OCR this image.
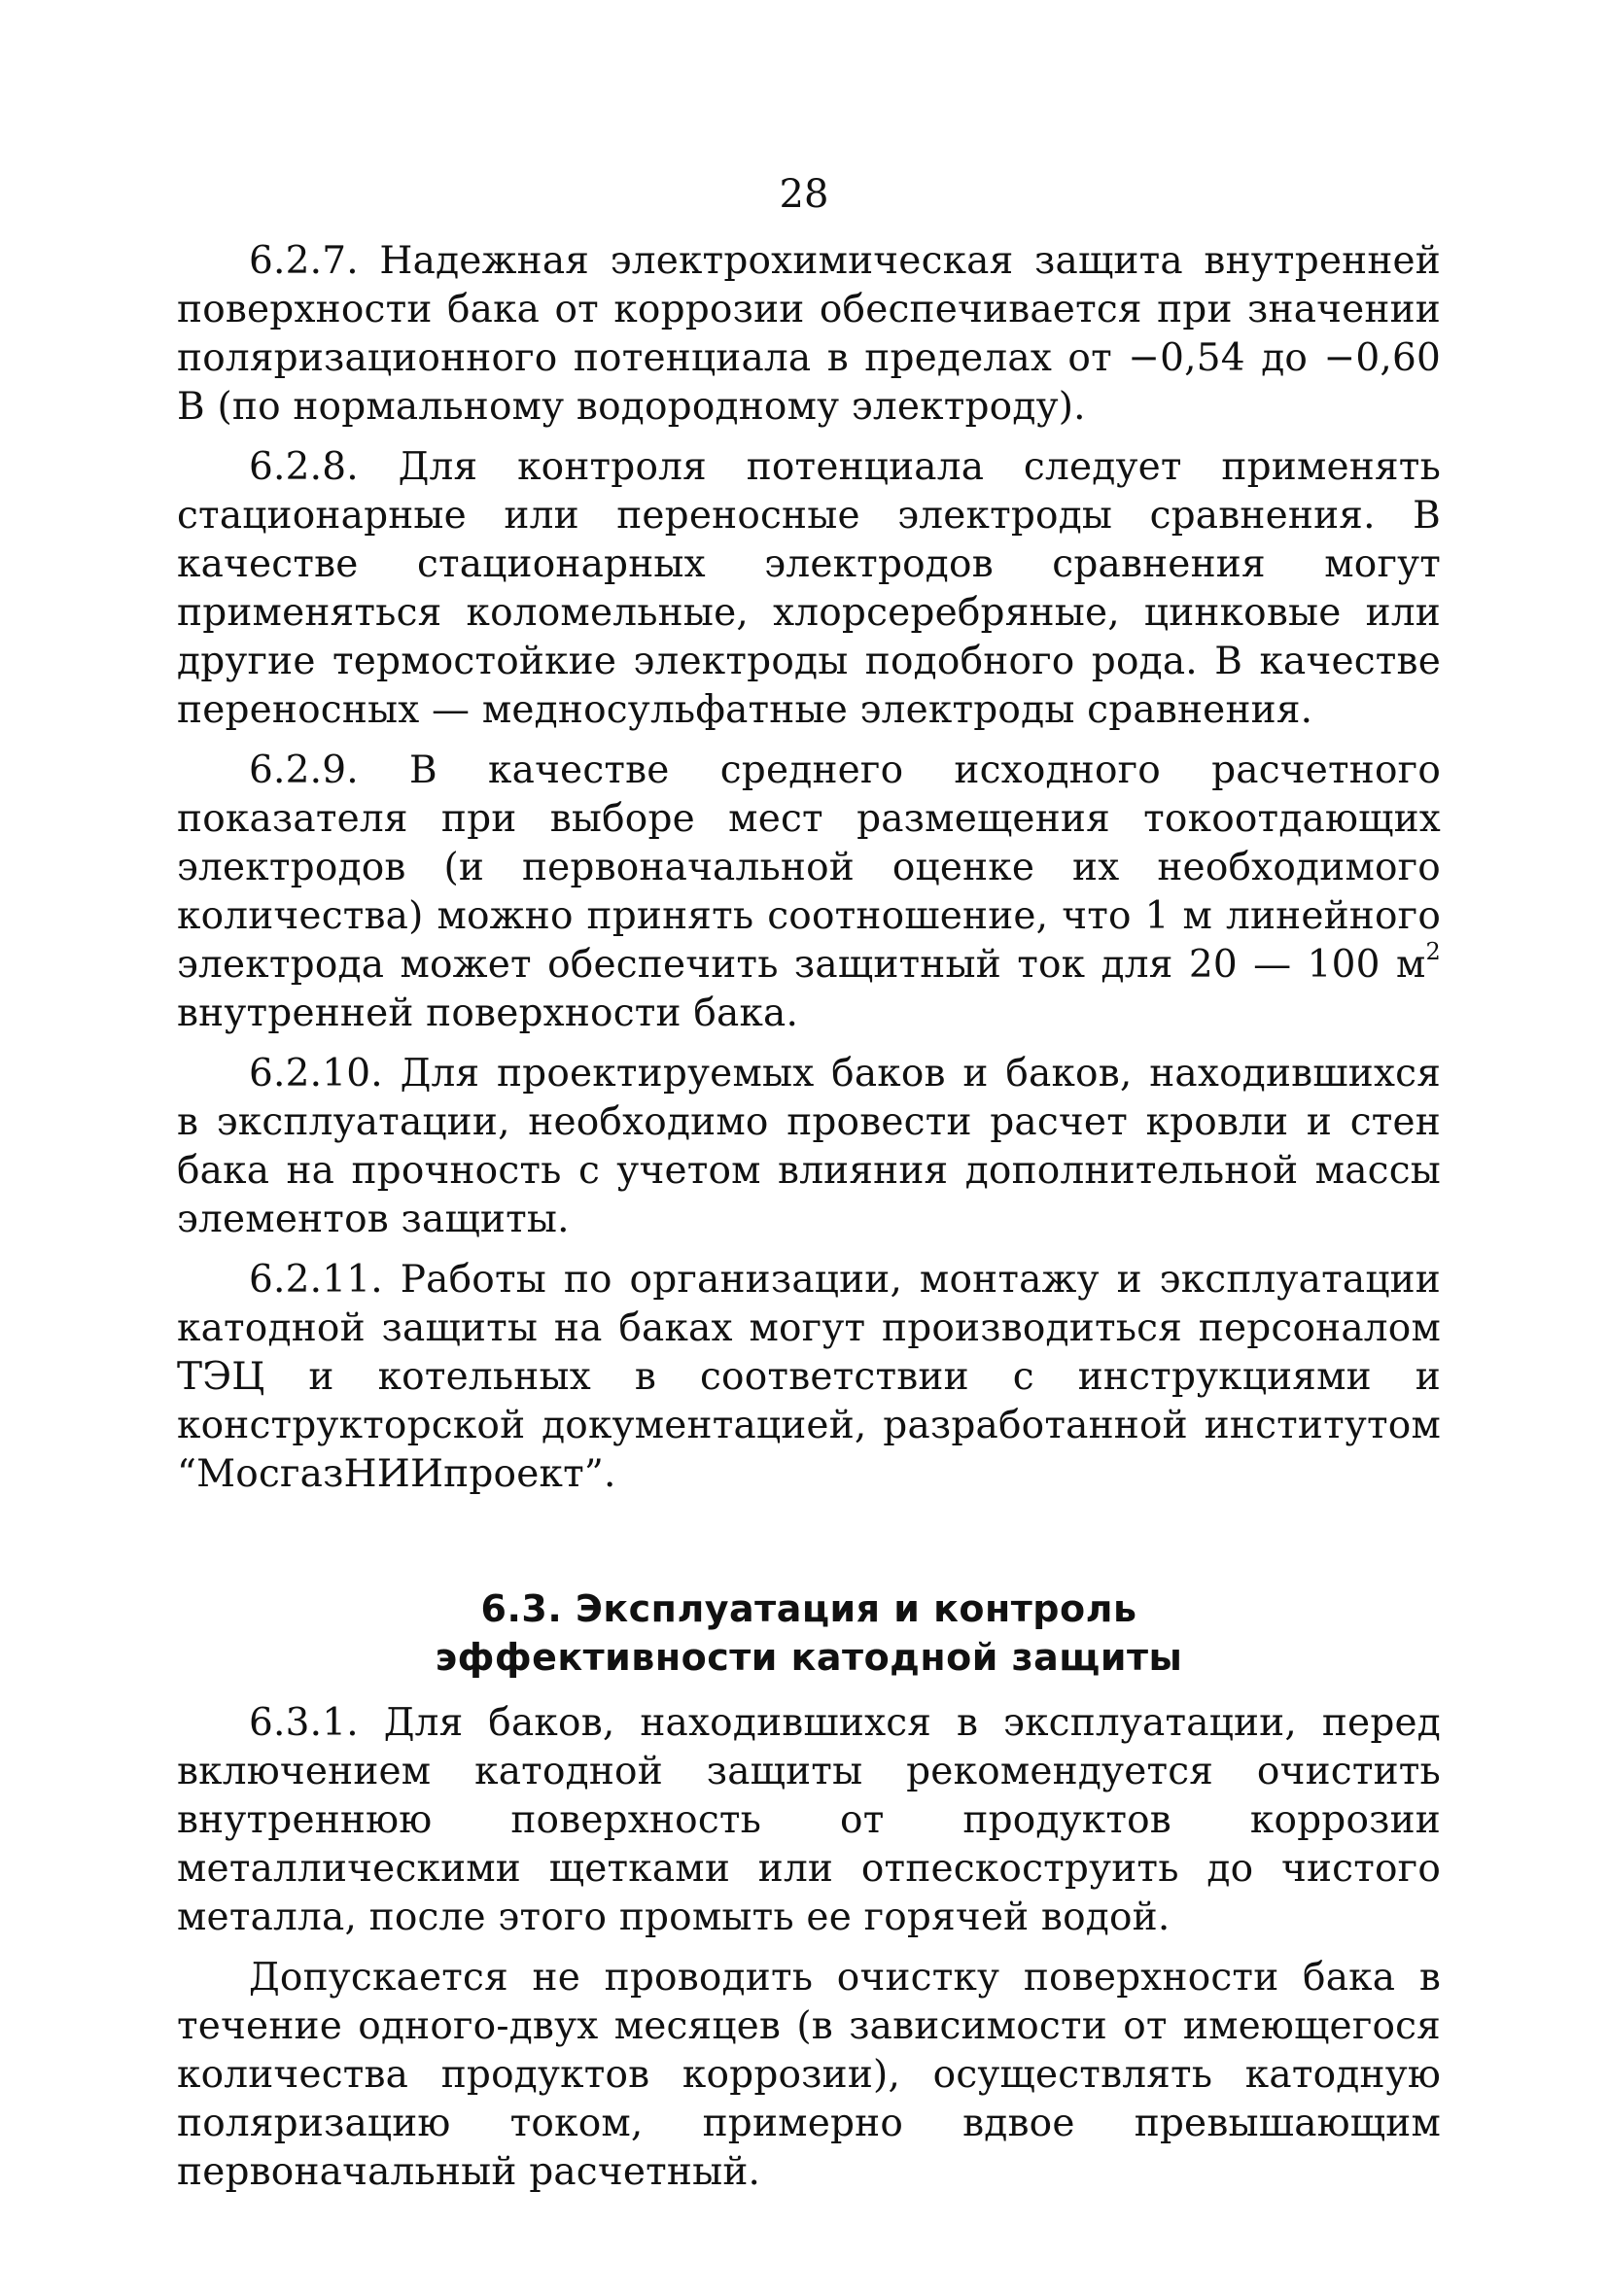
28

6.2.7. Надежная электрохимическая защита внутренней поверхности бака от коррозии обеспечивается при значении поляризационного потенциала в пределах от −0,54 до −0,60 В (по нормальному водородному электроду).

6.2.8. Для контроля потенциала следует применять стационарные или переносные электроды сравнения. В качестве стационарных электродов сравнения могут применяться коломельные, хлорсеребряные, цинковые или другие термостойкие электроды подобного рода. В качестве переносных — медносульфатные электроды сравнения.

6.2.9. В качестве среднего исходного расчетного показателя при выборе мест размещения токоотдающих электродов (и первоначальной оценке их необходимого количества) можно принять соотношение, что 1 м линейного электрода может обеспечить защитный ток для 20 — 100 $м^2$ внутренней поверхности бака.

6.2.10. Для проектируемых баков и баков, находившихся в эксплуатации, необходимо провести расчет кровли и стен бака на прочность с учетом влияния дополнительной массы элементов защиты.

6.2.11. Работы по организации, монтажу и эксплуатации катодной защиты на баках могут производиться персоналом ТЭЦ и котельных в соответствии с инструкциями и конструкторской документацией, разработанной институтом “МосгазНИИпроект”.

6.3. Эксплуатация и контроль
эффективности катодной защиты

6.3.1. Для баков, находившихся в эксплуатации, перед включением катодной защиты рекомендуется очистить внутреннюю поверхность от продуктов коррозии металлическими щетками или отпескоструить до чистого металла, после этого промыть ее горячей водой.

Допускается не проводить очистку поверхности бака в течение одного-двух месяцев (в зависимости от имеющегося количества продуктов коррозии), осуществлять катодную поляризацию током, примерно вдвое превышающим первоначальный расчетный.
